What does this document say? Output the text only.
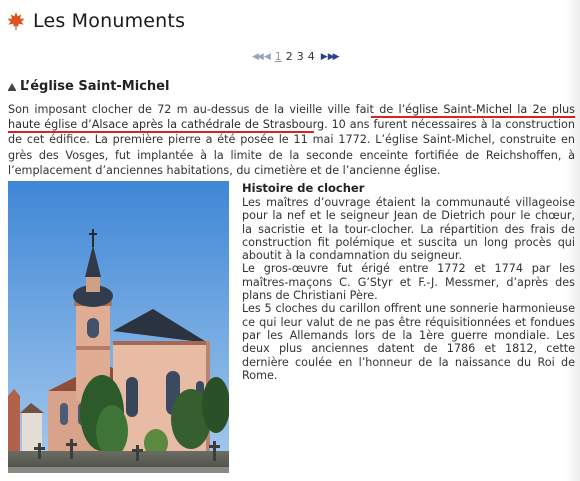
Les Monuments
◀◀ ◀ 1 2 3 4 ▶ ▶▶
L’église Saint-Michel

Son imposant clocher de 72 m au-dessus de la vieille ville fait de l’église Saint-Michel la 2e plus haute église d’Alsace après la cathédrale de Strasbourg. 10 ans furent nécessaires à la construction de cet édifice. La première pierre a été posée le 11 mai 1772. L’église Saint-Michel, construite en grès des Vosges, fut implantée à la limite de la seconde enceinte fortifiée de Reichshoffen, à l’emplacement d’anciennes habitations, du cimetière et de l’ancienne église.

Histoire de clocher

Les maîtres d’ouvrage étaient la communauté villageoise pour la nef et le seigneur Jean de Dietrich pour le chœur, la sacristie et la tour-clocher. La répartition des frais de construction fit polémique et suscita un long procès qui aboutit à la condamnation du seigneur.

Le gros-œuvre fut érigé entre 1772 et 1774 par les maîtres-maçons C. G’Styr et F.-J. Messmer, d’après des plans de Christiani Père.

Les 5 cloches du carillon offrent une sonnerie harmonieuse ce qui leur valut de ne pas être réquisitionnées et fondues par les Allemands lors de la 1ère guerre mondiale. Les deux plus anciennes datent de 1786 et 1812, cette dernière coulée en l’honneur de la naissance du Roi de Rome.
